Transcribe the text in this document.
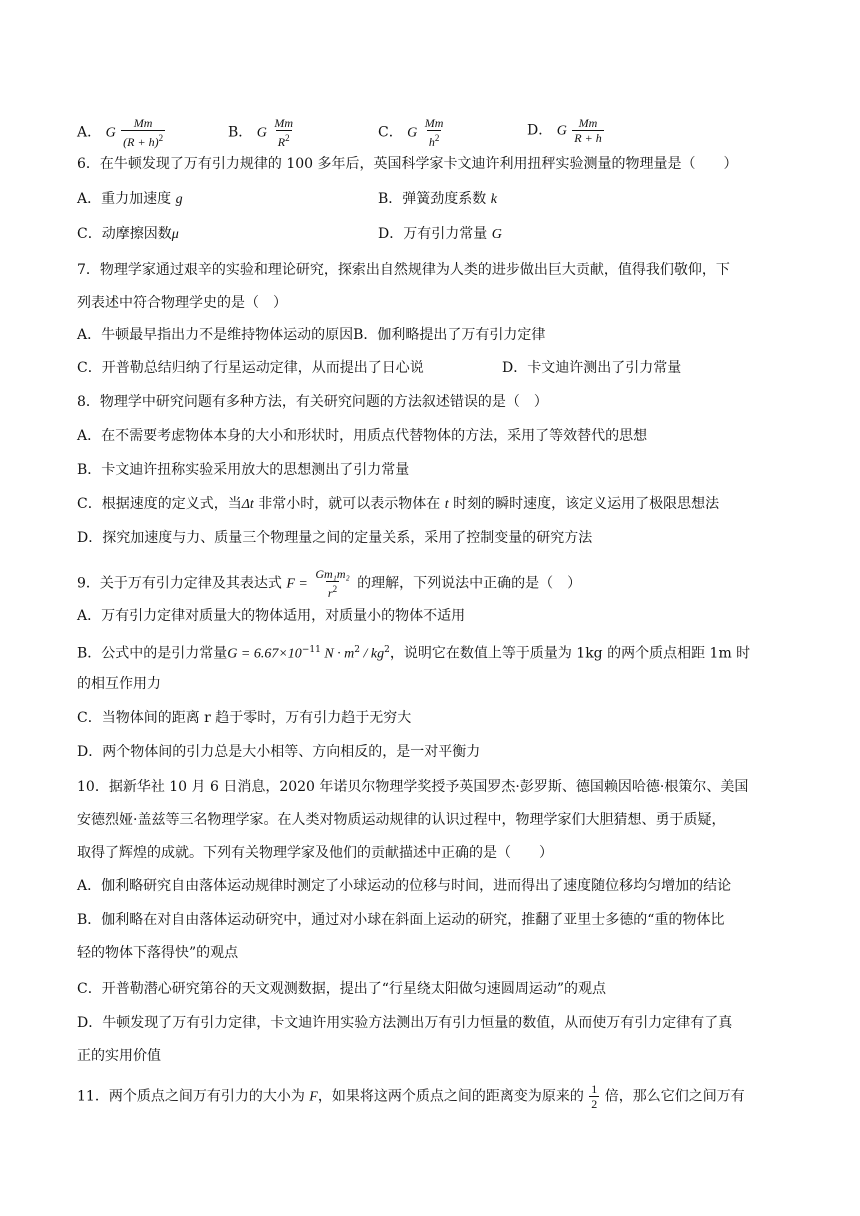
A． G $\frac{Mm}{(R + h)^2}$	B． G $\frac{Mm}{R^2}$	C． G $\frac{Mm}{h^2}$	D． G $\frac{Mm}{R + h}$
6．在牛顿发现了万有引力规律的 100 多年后，英国科学家卡文迪许利用扭秤实验测量的物理量是（　　）
A．重力加速度 g	B．弹簧劲度系数 k
C．动摩擦因数μ	D．万有引力常量 G
7．物理学家通过艰辛的实验和理论研究，探索出自然规律为人类的进步做出巨大贡献，值得我们敬仰，下
列表述中符合物理学史的是（　）
A．牛顿最早指出力不是维持物体运动的原因B．伽利略提出了万有引力定律
C．开普勒总结归纳了行星运动定律，从而提出了日心说	D．卡文迪许测出了引力常量
8．物理学中研究问题有多种方法，有关研究问题的方法叙述错误的是（　）
A．在不需要考虑物体本身的大小和形状时，用质点代替物体的方法，采用了等效替代的思想
B．卡文迪许扭称实验采用放大的思想测出了引力常量
C．根据速度的定义式，当Δt 非常小时，就可以表示物体在 t 时刻的瞬时速度，该定义运用了极限思想法
D．探究加速度与力、质量三个物理量之间的定量关系，采用了控制变量的研究方法
9．关于万有引力定律及其表达式 $F = \frac{\text{Gm₁m₂}}{r^2}$ 的理解，下列说法中正确的是（　）
A．万有引力定律对质量大的物体适用，对质量小的物体不适用
B．公式中的是引力常量$G = 6.67\times 10^{-11}$ $N \cdot m^2 / kg^2$，说明它在数值上等于质量为 1kg 的两个质点相距 1m 时
的相互作用力
C．当物体间的距离 r 趋于零时，万有引力趋于无穷大
D．两个物体间的引力总是大小相等、方向相反的，是一对平衡力
10．据新华社 10 月 6 日消息，2020 年诺贝尔物理学奖授予英国罗杰·彭罗斯、德国赖因哈德·根策尔、美国
安德烈娅·盖兹等三名物理学家。在人类对物质运动规律的认识过程中，物理学家们大胆猜想、勇于质疑，
取得了辉煌的成就。下列有关物理学家及他们的贡献描述中正确的是（　　）
A．伽利略研究自由落体运动规律时测定了小球运动的位移与时间，进而得出了速度随位移均匀增加的结论
B．伽利略在对自由落体运动研究中，通过对小球在斜面上运动的研究，推翻了亚里士多德的“重的物体比
轻的物体下落得快”的观点
C．开普勒潜心研究第谷的天文观测数据，提出了“行星绕太阳做匀速圆周运动”的观点
D．牛顿发现了万有引力定律，卡文迪许用实验方法测出万有引力恒量的数值，从而使万有引力定律有了真
正的实用价值
11．两个质点之间万有引力的大小为 F，如果将这两个质点之间的距离变为原来的 $\frac{1}{2}$ 倍，那么它们之间万有
